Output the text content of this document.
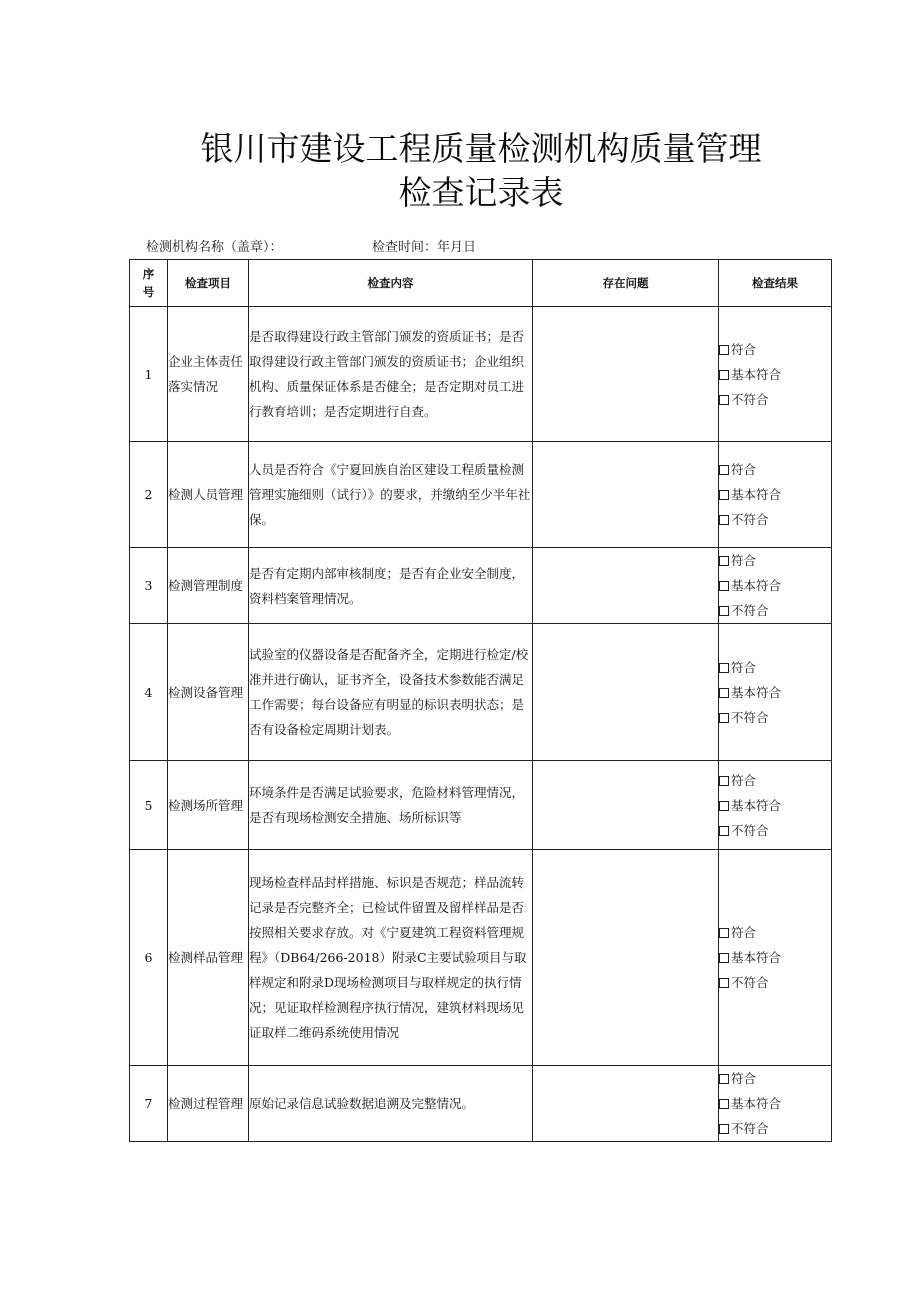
银川市建设工程质量检测机构质量管理
检查记录表
检测机构名称（盖章）：	检查时间：年月日
序
号	检查项目	检查内容	存在问题	检查结果
1	企业主体责任落实情况	是否取得建设行政主管部门颁发的资质证书；是否取得建设行政主管部门颁发的资质证书；企业组织机构、质量保证体系是否健全；是否定期对员工进行教育培训；是否定期进行自查。		符合
基本符合
不符合

2	检测人员管理	人员是否符合《宁夏回族自治区建设工程质量检测管理实施细则（试行）》的要求，并缴纳至少半年社保。		符合
基本符合
不符合

3	检测管理制度	是否有定期内部审核制度；是否有企业安全制度，资料档案管理情况。		符合
基本符合
不符合

4	检测设备管理	试验室的仪器设备是否配备齐全，定期进行检定/校准并进行确认，证书齐全，设备技术参数能否满足工作需要；每台设备应有明显的标识表明状态；是否有设备检定周期计划表。		符合
基本符合
不符合

5	检测场所管理	环境条件是否满足试验要求，危险材料管理情况，是否有现场检测安全措施、场所标识等		符合
基本符合
不符合

6	检测样品管理	现场检查样品封样措施、标识是否规范；样品流转记录是否完整齐全；已检试件留置及留样样品是否按照相关要求存放。对《宁夏建筑工程资料管理规程》（DB64/266-2018）附录C主要试验项目与取样规定和附录D现场检测项目与取样规定的执行情况；见证取样检测程序执行情况，建筑材料现场见证取样二维码系统使用情况		符合
基本符合
不符合

7	检测过程管理	原始记录信息试验数据追溯及完整情况。		符合
基本符合
不符合
